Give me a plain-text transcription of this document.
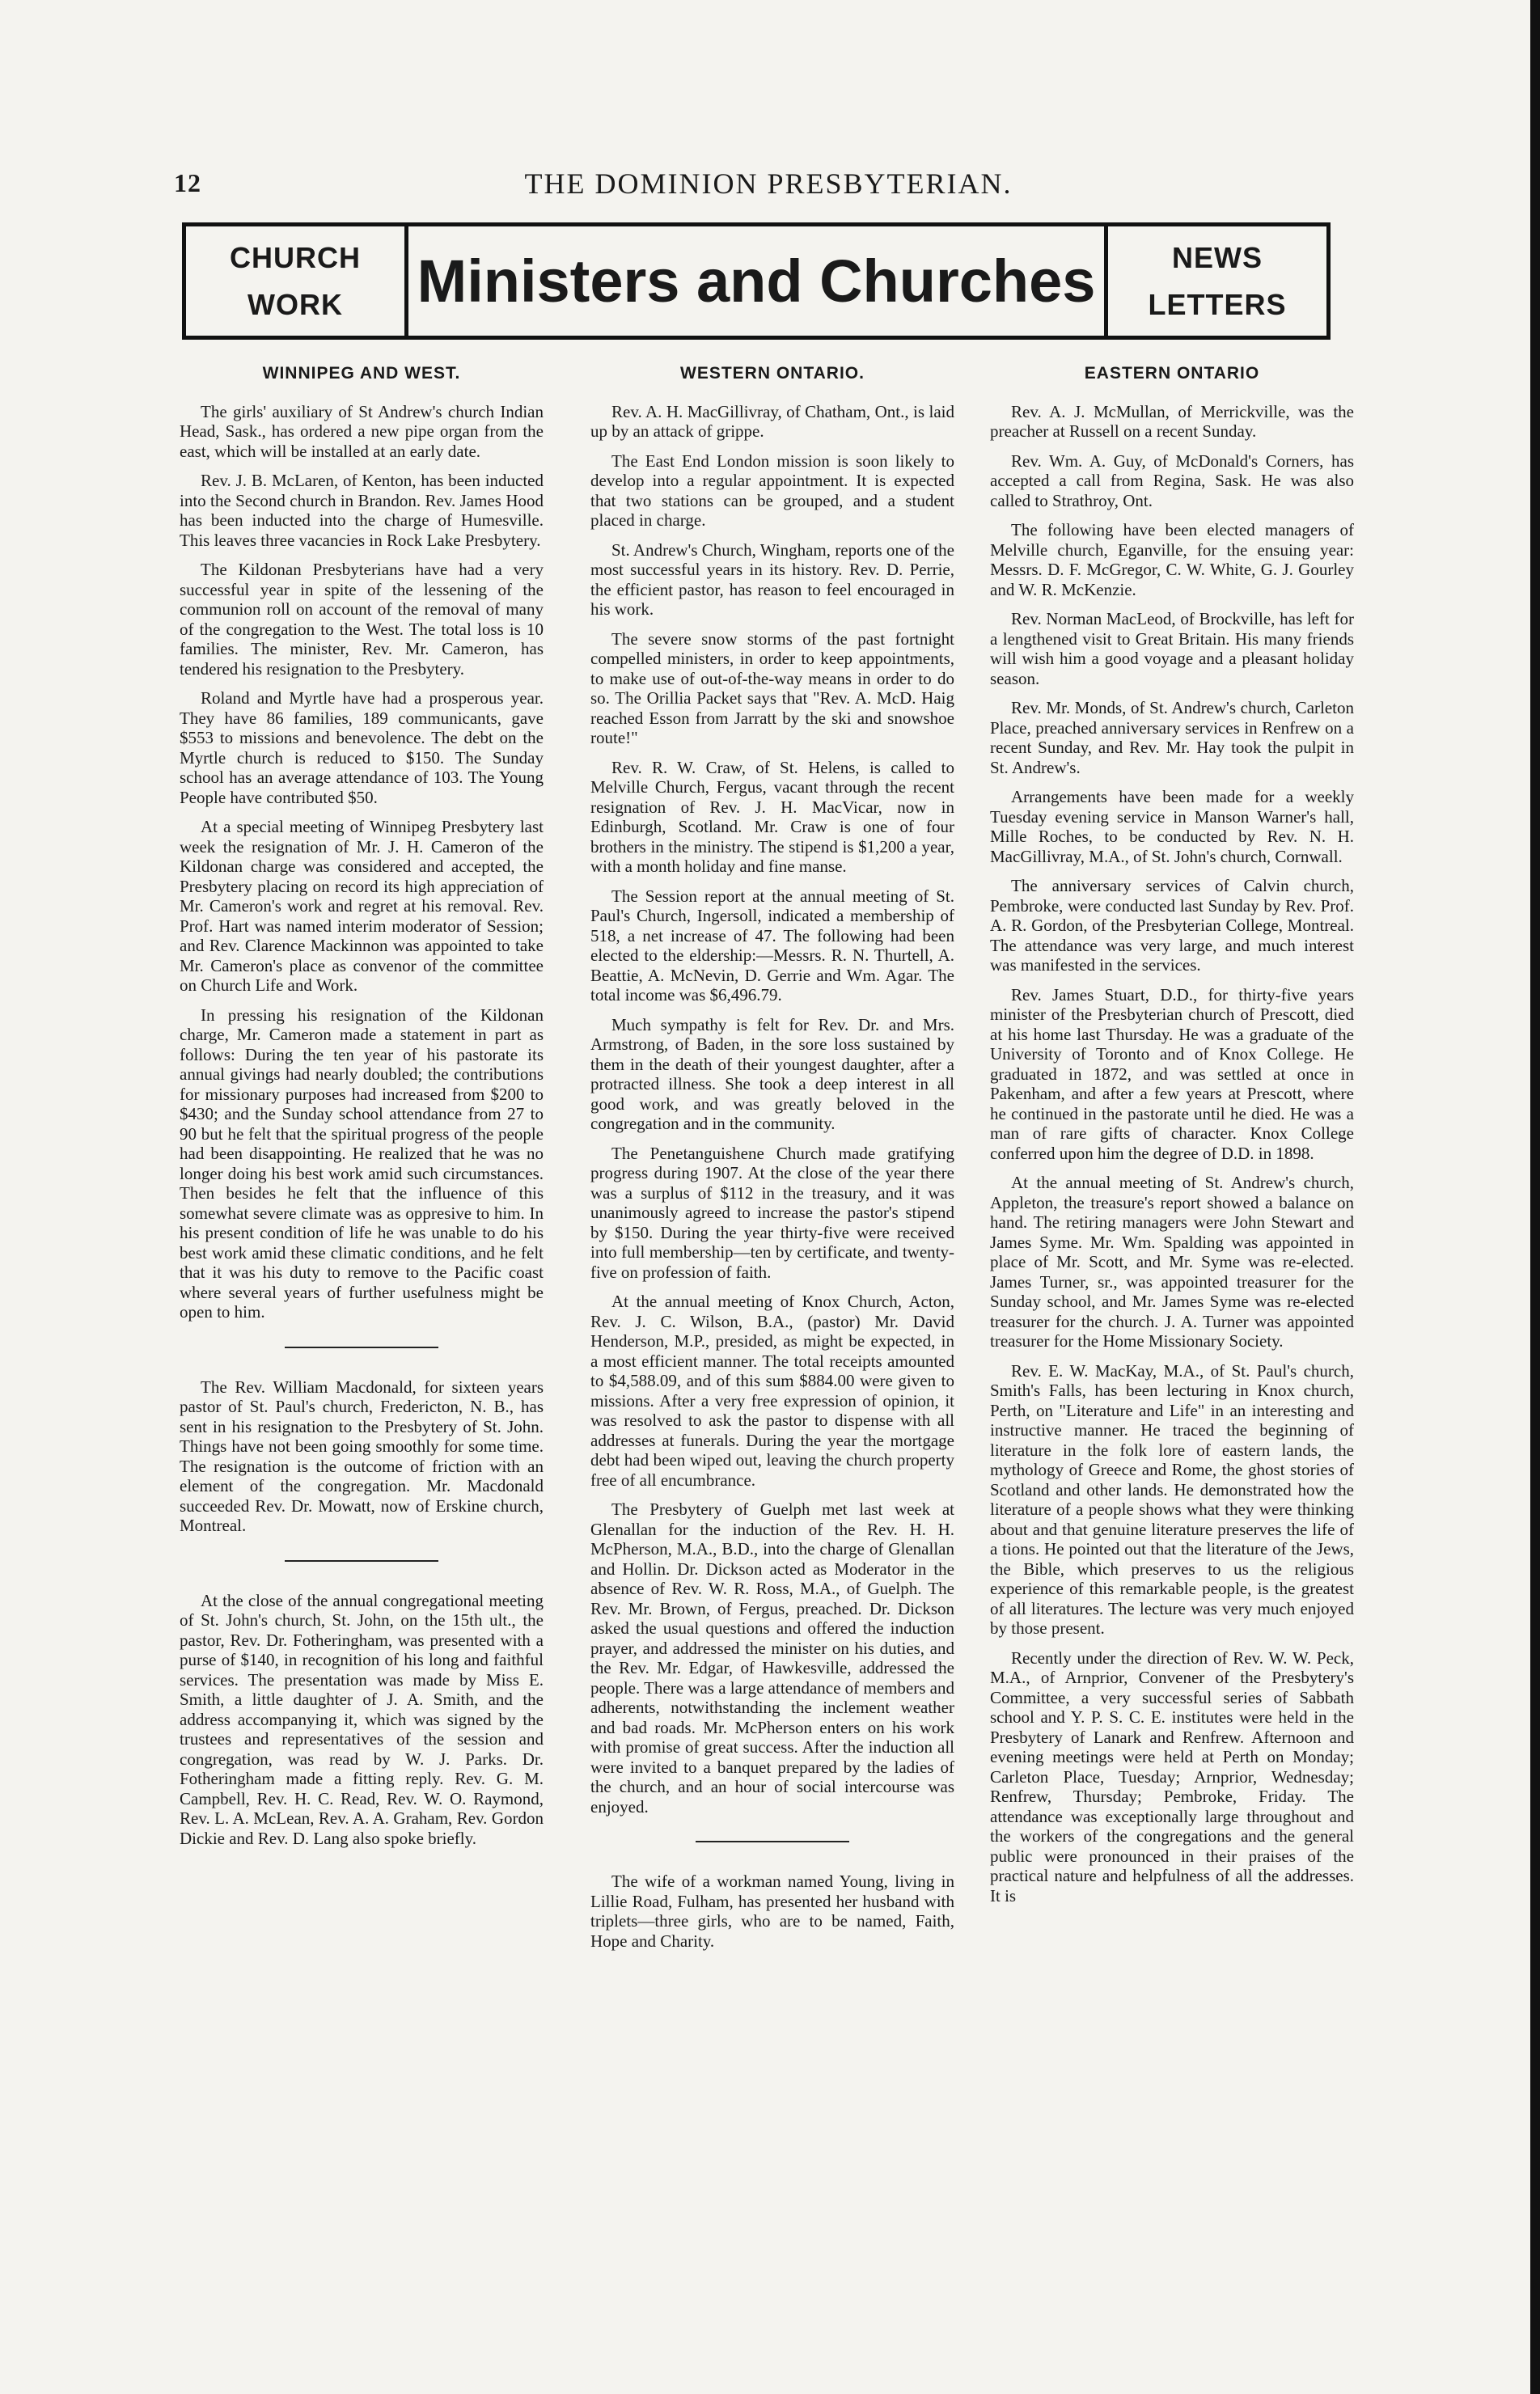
12	THE DOMINION PRESBYTERIAN.
CHURCH
WORK Ministers and Churches	NEWS
LETTERS
WINNIPEG AND WEST.

The girls' auxiliary of St Andrew's church Indian Head, Sask., has ordered a new pipe organ from the east, which will be installed at an early date.

Rev. J. B. McLaren, of Kenton, has been inducted into the Second church in Brandon. Rev. James Hood has been inducted into the charge of Humesville. This leaves three vacancies in Rock Lake Presbytery.

The Kildonan Presbyterians have had a very successful year in spite of the lessening of the communion roll on account of the removal of many of the congregation to the West. The total loss is 10 families. The minister, Rev. Mr. Cameron, has tendered his resignation to the Presbytery.

Roland and Myrtle have had a prosperous year. They have 86 families, 189 communicants, gave $553 to missions and benevolence. The debt on the Myrtle church is reduced to $150. The Sunday school has an average attendance of 103. The Young People have contributed $50.

At a special meeting of Winnipeg Presbytery last week the resignation of Mr. J. H. Cameron of the Kildonan charge was considered and accepted, the Presbytery placing on record its high appreciation of Mr. Cameron's work and regret at his removal. Rev. Prof. Hart was named interim moderator of Session; and Rev. Clarence Mackinnon was appointed to take Mr. Cameron's place as convenor of the committee on Church Life and Work.

In pressing his resignation of the Kildonan charge, Mr. Cameron made a statement in part as follows: During the ten year of his pastorate its annual givings had nearly doubled; the contributions for missionary purposes had increased from $200 to $430; and the Sunday school attendance from 27 to 90 but he felt that the spiritual progress of the people had been disappointing. He realized that he was no longer doing his best work amid such circumstances. Then besides he felt that the influence of this somewhat severe climate was as oppresive to him. In his present condition of life he was unable to do his best work amid these climatic conditions, and he felt that it was his duty to remove to the Pacific coast where several years of further usefulness might be open to him.

The Rev. William Macdonald, for sixteen years pastor of St. Paul's church, Fredericton, N. B., has sent in his resignation to the Presbytery of St. John. Things have not been going smoothly for some time. The resignation is the outcome of friction with an element of the congregation. Mr. Macdonald succeeded Rev. Dr. Mowatt, now of Erskine church, Montreal.

At the close of the annual congregational meeting of St. John's church, St. John, on the 15th ult., the pastor, Rev. Dr. Fotheringham, was presented with a purse of $140, in recognition of his long and faithful services. The presentation was made by Miss E. Smith, a little daughter of J. A. Smith, and the address accompanying it, which was signed by the trustees and representatives of the session and congregation, was read by W. J. Parks. Dr. Fotheringham made a fitting reply. Rev. G. M. Campbell, Rev. H. C. Read, Rev. W. O. Raymond, Rev. L. A. McLean, Rev. A. A. Graham, Rev. Gordon Dickie and Rev. D. Lang also spoke briefly.

WESTERN ONTARIO.

Rev. A. H. MacGillivray, of Chatham, Ont., is laid up by an attack of grippe.

The East End London mission is soon likely to develop into a regular appointment. It is expected that two stations can be grouped, and a student placed in charge.

St. Andrew's Church, Wingham, reports one of the most successful years in its history. Rev. D. Perrie, the efficient pastor, has reason to feel encouraged in his work.

The severe snow storms of the past fortnight compelled ministers, in order to keep appointments, to make use of out-of-the-way means in order to do so. The Orillia Packet says that "Rev. A. McD. Haig reached Esson from Jarratt by the ski and snowshoe route!"

Rev. R. W. Craw, of St. Helens, is called to Melville Church, Fergus, vacant through the recent resignation of Rev. J. H. MacVicar, now in Edinburgh, Scotland. Mr. Craw is one of four brothers in the ministry. The stipend is $1,200 a year, with a month holiday and fine manse.

The Session report at the annual meeting of St. Paul's Church, Ingersoll, indicated a membership of 518, a net increase of 47. The following had been elected to the eldership:—Messrs. R. N. Thurtell, A. Beattie, A. McNevin, D. Gerrie and Wm. Agar. The total income was $6,496.79.

Much sympathy is felt for Rev. Dr. and Mrs. Armstrong, of Baden, in the sore loss sustained by them in the death of their youngest daughter, after a protracted illness. She took a deep interest in all good work, and was greatly beloved in the congregation and in the community.

The Penetanguishene Church made gratifying progress during 1907. At the close of the year there was a surplus of $112 in the treasury, and it was unanimously agreed to increase the pastor's stipend by $150. During the year thirty-five were received into full membership—ten by certificate, and twenty-five on profession of faith.

At the annual meeting of Knox Church, Acton, Rev. J. C. Wilson, B.A., (pastor) Mr. David Henderson, M.P., presided, as might be expected, in a most efficient manner. The total receipts amounted to $4,588.09, and of this sum $884.00 were given to missions. After a very free expression of opinion, it was resolved to ask the pastor to dispense with all addresses at funerals. During the year the mortgage debt had been wiped out, leaving the church property free of all encumbrance.

The Presbytery of Guelph met last week at Glenallan for the induction of the Rev. H. H. McPherson, M.A., B.D., into the charge of Glenallan and Hollin. Dr. Dickson acted as Moderator in the absence of Rev. W. R. Ross, M.A., of Guelph. The Rev. Mr. Brown, of Fergus, preached. Dr. Dickson asked the usual questions and offered the induction prayer, and addressed the minister on his duties, and the Rev. Mr. Edgar, of Hawkesville, addressed the people. There was a large attendance of members and adherents, notwithstanding the inclement weather and bad roads. Mr. McPherson enters on his work with promise of great success. After the induction all were invited to a banquet prepared by the ladies of the church, and an hour of social intercourse was enjoyed.

The wife of a workman named Young, living in Lillie Road, Fulham, has presented her husband with triplets—three girls, who are to be named, Faith, Hope and Charity.

EASTERN ONTARIO

Rev. A. J. McMullan, of Merrickville, was the preacher at Russell on a recent Sunday.

Rev. Wm. A. Guy, of McDonald's Corners, has accepted a call from Regina, Sask. He was also called to Strathroy, Ont.

The following have been elected managers of Melville church, Eganville, for the ensuing year: Messrs. D. F. McGregor, C. W. White, G. J. Gourley and W. R. McKenzie.

Rev. Norman MacLeod, of Brockville, has left for a lengthened visit to Great Britain. His many friends will wish him a good voyage and a pleasant holiday season.

Rev. Mr. Monds, of St. Andrew's church, Carleton Place, preached anniversary services in Renfrew on a recent Sunday, and Rev. Mr. Hay took the pulpit in St. Andrew's.

Arrangements have been made for a weekly Tuesday evening service in Manson Warner's hall, Mille Roches, to be conducted by Rev. N. H. MacGillivray, M.A., of St. John's church, Cornwall.

The anniversary services of Calvin church, Pembroke, were conducted last Sunday by Rev. Prof. A. R. Gordon, of the Presbyterian College, Montreal. The attendance was very large, and much interest was manifested in the services.

Rev. James Stuart, D.D., for thirty-five years minister of the Presbyterian church of Prescott, died at his home last Thursday. He was a graduate of the University of Toronto and of Knox College. He graduated in 1872, and was settled at once in Pakenham, and after a few years at Prescott, where he continued in the pastorate until he died. He was a man of rare gifts of character. Knox College conferred upon him the degree of D.D. in 1898.

At the annual meeting of St. Andrew's church, Appleton, the treasure's report showed a balance on hand. The retiring managers were John Stewart and James Syme. Mr. Wm. Spalding was appointed in place of Mr. Scott, and Mr. Syme was re-elected. James Turner, sr., was appointed treasurer for the Sunday school, and Mr. James Syme was re-elected treasurer for the church. J. A. Turner was appointed treasurer for the Home Missionary Society.

Rev. E. W. MacKay, M.A., of St. Paul's church, Smith's Falls, has been lecturing in Knox church, Perth, on "Literature and Life" in an interesting and instructive manner. He traced the beginning of literature in the folk lore of eastern lands, the mythology of Greece and Rome, the ghost stories of Scotland and other lands. He demonstrated how the literature of a people shows what they were thinking about and that genuine literature preserves the life of a tions. He pointed out that the literature of the Jews, the Bible, which preserves to us the religious experience of this remarkable people, is the greatest of all literatures. The lecture was very much enjoyed by those present.

Recently under the direction of Rev. W. W. Peck, M.A., of Arnprior, Convener of the Presbytery's Committee, a very successful series of Sabbath school and Y. P. S. C. E. institutes were held in the Presbytery of Lanark and Renfrew. Afternoon and evening meetings were held at Perth on Monday; Carleton Place, Tuesday; Arnprior, Wednesday; Renfrew, Thursday; Pembroke, Friday. The attendance was exceptionally large throughout and the workers of the congregations and the general public were pronounced in their praises of the practical nature and helpfulness of all the addresses. It is
